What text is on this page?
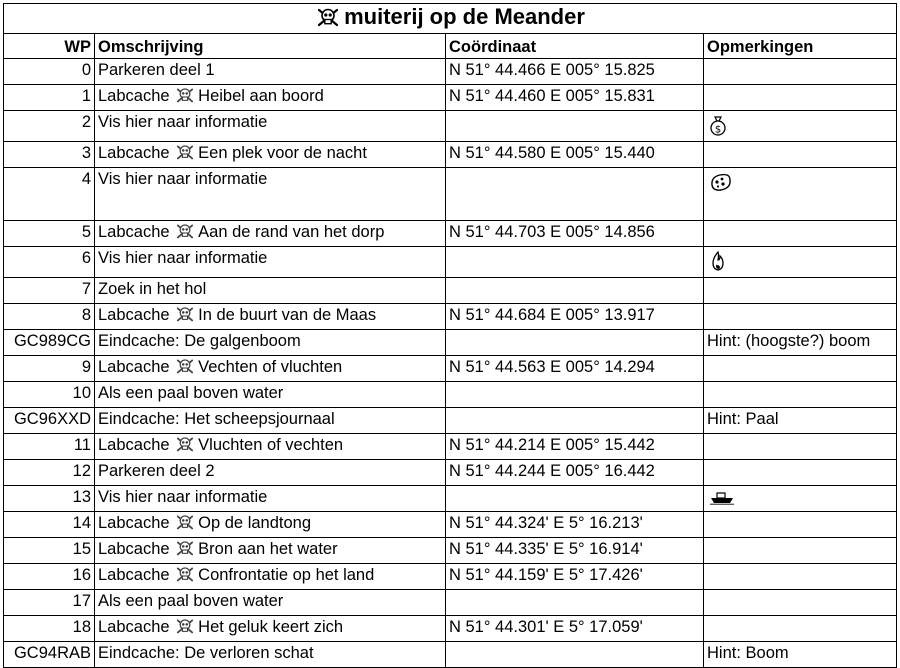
muiterij op de Meander			
WP	Omschrijving	Coördinaat	Opmerkingen
0	Parkeren deel 1	N 51° 44.466 E 005° 15.825	
1	Labcache Heibel aan boord	N 51° 44.460 E 005° 15.831	
2	Vis hier naar informatie		$

3	Labcache Een plek voor de nacht	N 51° 44.580 E 005° 15.440	
4	Vis hier naar informatie		
5	Labcache Aan de rand van het dorp	N 51° 44.703 E 005° 14.856	
6	Vis hier naar informatie		
7	Zoek in het hol		
8	Labcache In de buurt van de Maas	N 51° 44.684 E 005° 13.917	
GC989CG	Eindcache: De galgenboom		Hint: (hoogste?) boom
9	Labcache Vechten of vluchten	N 51° 44.563 E 005° 14.294	
10	Als een paal boven water		
GC96XXD	Eindcache: Het scheepsjournaal		Hint: Paal
11	Labcache Vluchten of vechten	N 51° 44.214 E 005° 15.442	
12	Parkeren deel 2	N 51° 44.244 E 005° 16.442	
13	Vis hier naar informatie		
14	Labcache Op de landtong	N 51° 44.324' E 5° 16.213'	
15	Labcache Bron aan het water	N 51° 44.335' E 5° 16.914'	
16	Labcache Confrontatie op het land	N 51° 44.159' E 5° 17.426'	
17	Als een paal boven water		
18	Labcache Het geluk keert zich	N 51° 44.301' E 5° 17.059'	
GC94RAB	Eindcache: De verloren schat		Hint: Boom
